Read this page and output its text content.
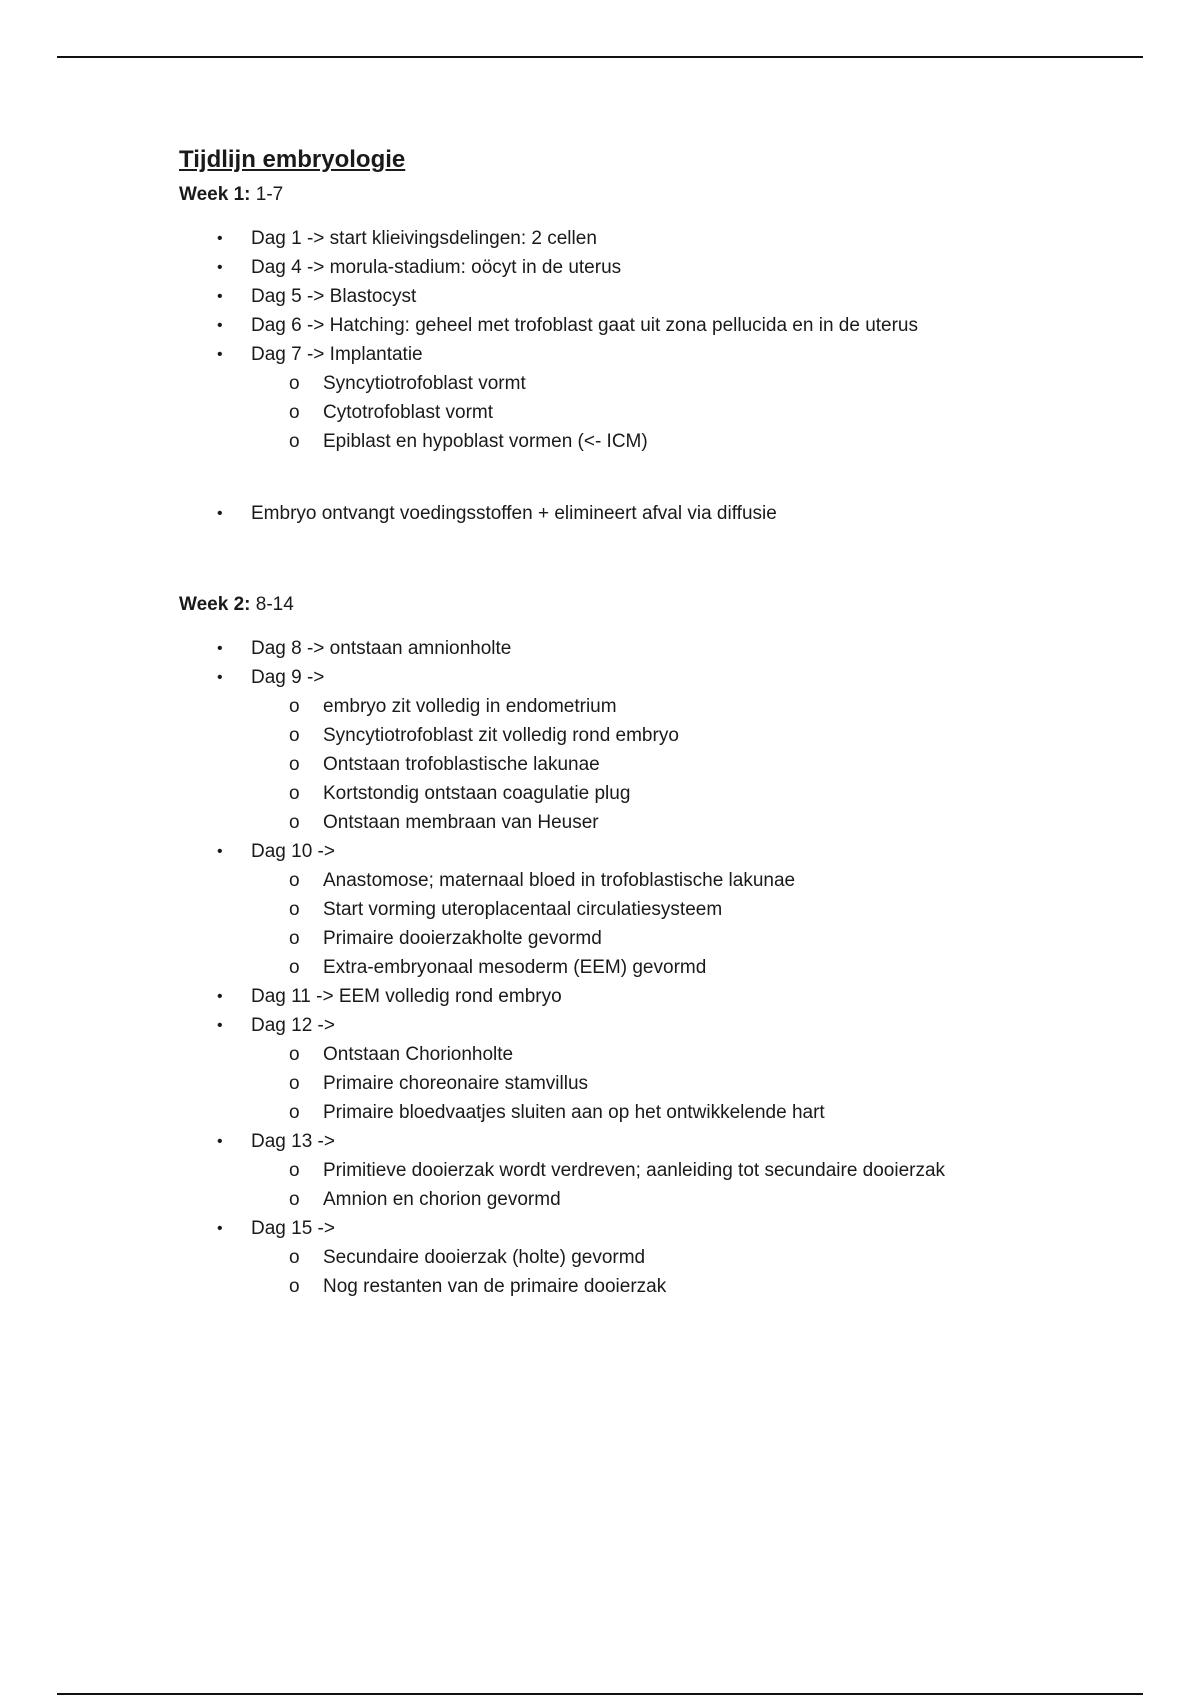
Tijdlijn embryologie

Week 1: 1-7

• Dag 1 -> start klieivingsdelingen: 2 cellen
• Dag 4 -> morula-stadium: oöcyt in de uterus
• Dag 5 -> Blastocyst
• Dag 6 -> Hatching: geheel met trofoblast gaat uit zona pellucida en in de uterus
• Dag 7 -> Implantatie
o Syncytiotrofoblast vormt
o Cytotrofoblast vormt
o Epiblast en hypoblast vormen (<- ICM)
• Embryo ontvangt voedingsstoffen + elimineert afval via diffusie

Week 2: 8-14

• Dag 8 -> ontstaan amnionholte
• Dag 9 ->
o embryo zit volledig in endometrium
o Syncytiotrofoblast zit volledig rond embryo
o Ontstaan trofoblastische lakunae
o Kortstondig ontstaan coagulatie plug
o Ontstaan membraan van Heuser
• Dag 10 ->
o Anastomose; maternaal bloed in trofoblastische lakunae
o Start vorming uteroplacentaal circulatiesysteem
o Primaire dooierzakholte gevormd
o Extra-embryonaal mesoderm (EEM) gevormd
• Dag 11 -> EEM volledig rond embryo
• Dag 12 ->
o Ontstaan Chorionholte
o Primaire choreonaire stamvillus
o Primaire bloedvaatjes sluiten aan op het ontwikkelende hart
• Dag 13 ->
o Primitieve dooierzak wordt verdreven; aanleiding tot secundaire dooierzak
o Amnion en chorion gevormd
• Dag 15 ->
o Secundaire dooierzak (holte) gevormd
o Nog restanten van de primaire dooierzak
